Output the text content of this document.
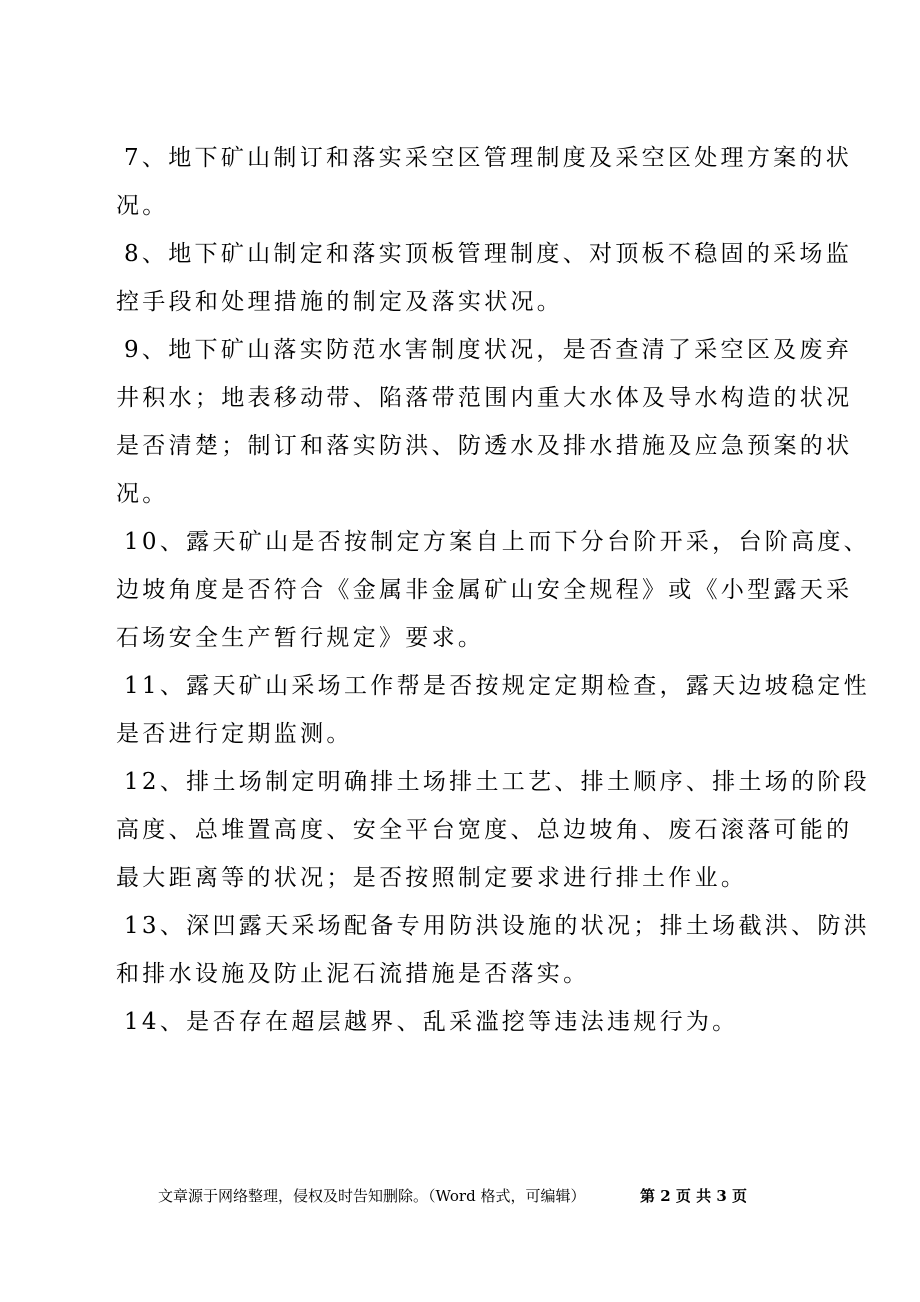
7、地下矿山制订和落实采空区管理制度及采空区处理方案的状
况。
8、地下矿山制定和落实顶板管理制度、对顶板不稳固的采场监
控手段和处理措施的制定及落实状况。
9、地下矿山落实防范水害制度状况，是否查清了采空区及废弃
井积水；地表移动带、陷落带范围内重大水体及导水构造的状况
是否清楚；制订和落实防洪、防透水及排水措施及应急预案的状
况。
10、露天矿山是否按制定方案自上而下分台阶开采，台阶高度、
边坡角度是否符合《金属非金属矿山安全规程》或《小型露天采
石场安全生产暂行规定》要求。
11、露天矿山采场工作帮是否按规定定期检查，露天边坡稳定性
是否进行定期监测。
12、排土场制定明确排土场排土工艺、排土顺序、排土场的阶段
高度、总堆置高度、安全平台宽度、总边坡角、废石滚落可能的
最大距离等的状况；是否按照制定要求进行排土作业。
13、深凹露天采场配备专用防洪设施的状况；排土场截洪、防洪
和排水设施及防止泥石流措施是否落实。
14、是否存在超层越界、乱采滥挖等违法违规行为。
文章源于网络整理，侵权及时告知删除。（Word 格式，可编辑）	第 2 页 共 3 页
